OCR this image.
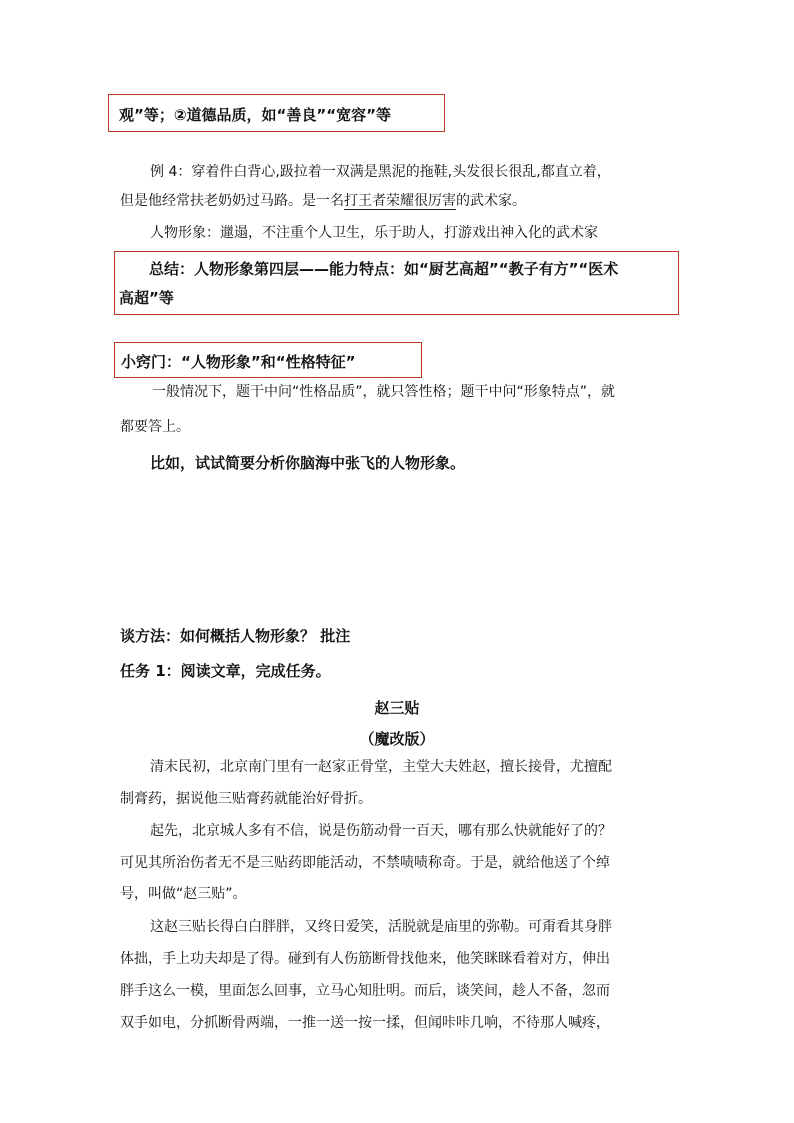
观”等；②道德品质，如“善良”“宽容”等
例 4：穿着件白背心,趿拉着一双满是黑泥的拖鞋,头发很长很乱,都直立着，
但是他经常扶老奶奶过马路。是一名打王者荣耀很厉害的武术家。
人物形象：邋遢，不注重个人卫生，乐于助人，打游戏出神入化的武术家
总结：人物形象第四层——能力特点：如“厨艺高超”“教子有方”“医术
高超”等
小窍门：“人物形象”和“性格特征”
一般情况下，题干中问“性格品质”，就只答性格；题干中问“形象特点”，就
都要答上。
比如，试试简要分析你脑海中张飞的人物形象。
谈方法：如何概括人物形象？ 批注
任务 1：阅读文章，完成任务。
赵三贴
（魔改版）
清末民初，北京南门里有一赵家正骨堂，主堂大夫姓赵，擅长接骨，尤擅配
制膏药，据说他三贴膏药就能治好骨折。
起先，北京城人多有不信，说是伤筋动骨一百天，哪有那么快就能好了的？
可见其所治伤者无不是三贴药即能活动，不禁啧啧称奇。于是，就给他送了个绰
号，叫做“赵三贴”。
这赵三贴长得白白胖胖，又终日爱笑，活脱就是庙里的弥勒。可甭看其身胖
体拙，手上功夫却是了得。碰到有人伤筋断骨找他来，他笑眯眯看着对方，伸出
胖手这么一模，里面怎么回事，立马心知肚明。而后，谈笑间，趁人不备，忽而
双手如电，分抓断骨两端，一推一送一按一揉，但闻咔咔几响，不待那人喊疼，
